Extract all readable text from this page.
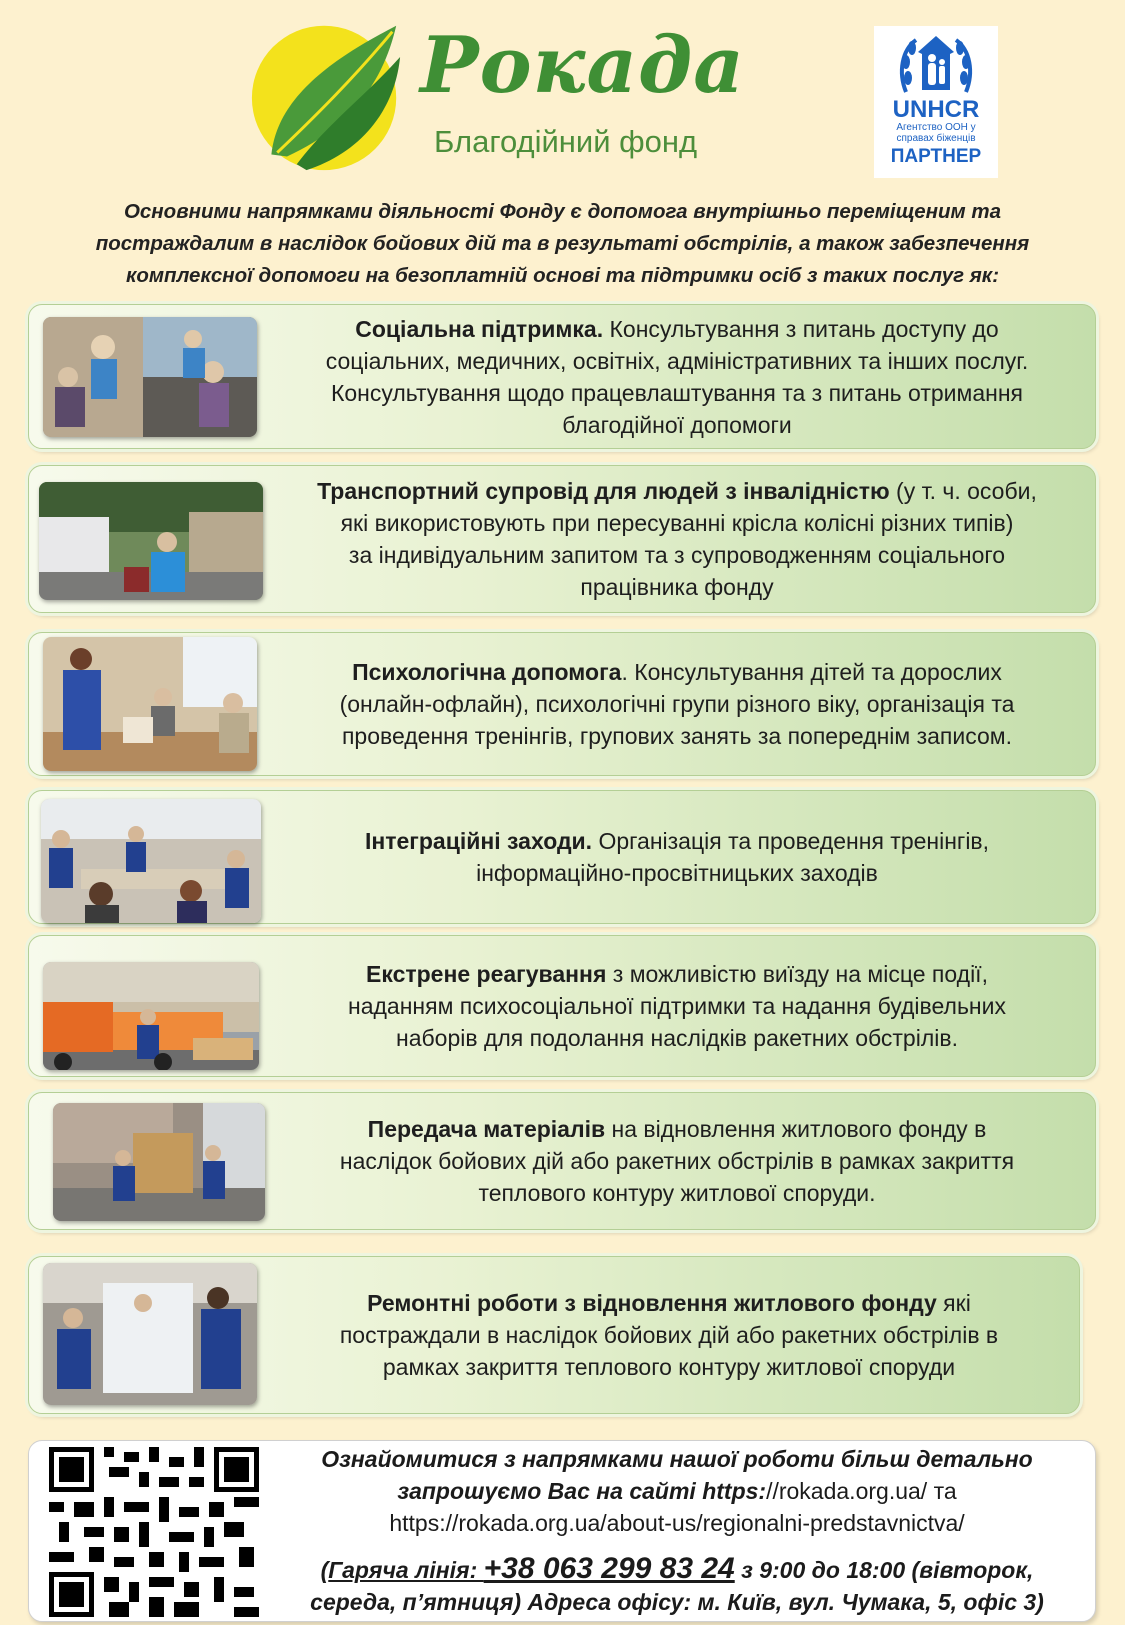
Рокада
Благодійний фонд
UNHCR
Агентство ООН у
справах біженців
ПАРТНЕР
Основними напрямками діяльності Фонду є допомога внутрішньо переміщеним та
постраждалим в наслідок бойових дій та в результаті обстрілів, а також забезпечення
комплексної допомоги на безоплатній основі та підтримки осіб з таких послуг як:

Соціальна підтримка. Консультування з питань доступу до
соціальних, медичних, освітніх, адміністративних та інших послуг.
Консультування щодо працевлаштування та з питань отримання
благодійної допомоги

Транспортний супровід для людей з інвалідністю (у т. ч. особи,
які використовують при пересуванні крісла колісні різних типів)
за індивідуальним запитом та з супроводженням соціального
працівника фонду

Психологічна допомога. Консультування дітей та дорослих
(онлайн-офлайн), психологічні групи різного віку, організація та
проведення тренінгів, групових занять за попереднім записом.

Інтеграційні заходи. Організація та проведення тренінгів,
інформаційно-просвітницьких заходів

Екстрене реагування з можливістю виїзду на місце події,
наданням психосоціальної підтримки та надання будівельних
наборів для подолання наслідків ракетних обстрілів.

Передача матеріалів на відновлення житлового фонду в
наслідок бойових дій або ракетних обстрілів в рамках закриття
теплового контуру житлової споруди.

Ремонтні роботи з відновлення житлового фонду які
постраждали в наслідок бойових дій або ракетних обстрілів в
рамках закриття теплового контуру житлової споруди

Ознайомитися з напрямками нашої роботи більш детально
запрошуємо Вас на сайті https://rokada.org.ua/ та
https://rokada.org.ua/about-us/regionalni-predstavnictva/
(Гаряча лінія: +38 063 299 83 24 з 9:00 до 18:00 (вівторок,
середа, п’ятниця) Адреса офісу: м. Київ, вул. Чумака, 5, офіс 3)
